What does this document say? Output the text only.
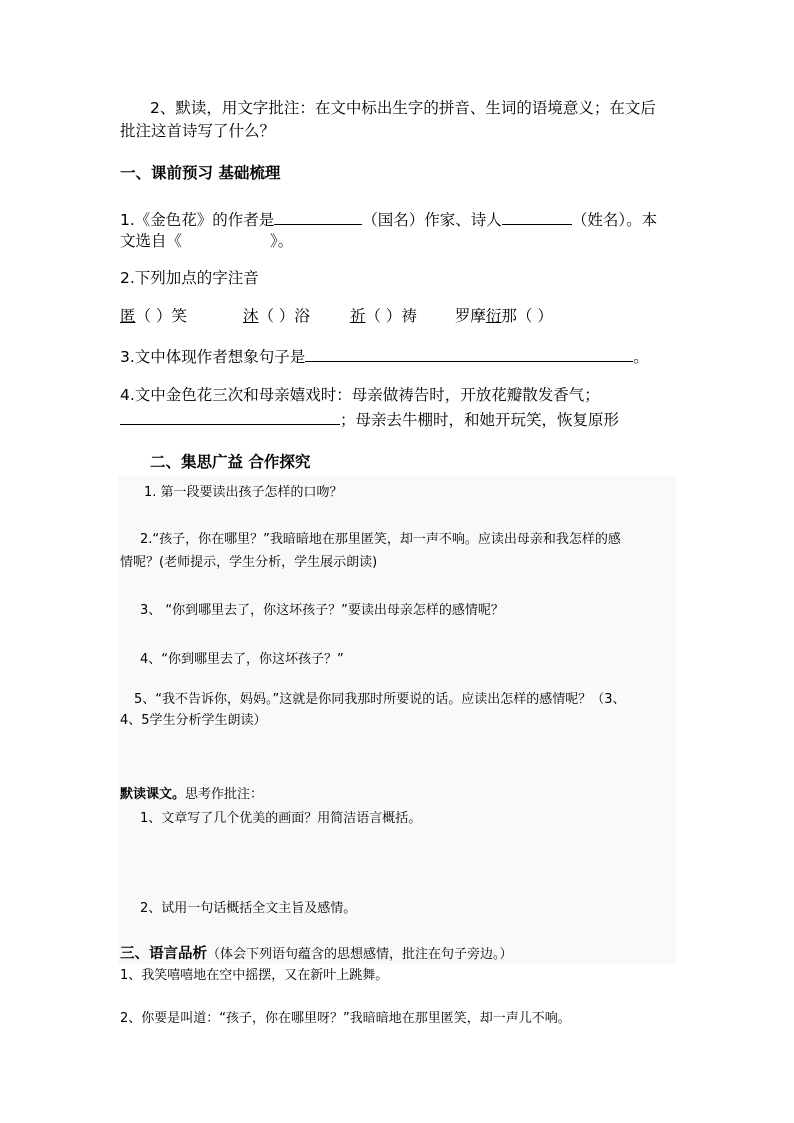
2、默读，用文字批注：在文中标出生字的拼音、生词的语境意义；在文后
批注这首诗写了什么？
一、课前预习 基础梳理
1.《金色花》的作者是	（国名）作家、诗人	（姓名）。本
文选自《	》。
2.下列加点的字注音
匿（ ）笑	沐（ ）浴	祈（ ）祷 罗摩衍那（ ）
3.文中体现作者想象句子是	。
4.文中金色花三次和母亲嬉戏时：母亲做祷告时，开放花瓣散发香气；
；母亲去牛棚时，和她开玩笑，恢复原形
二、集思广益 合作探究
1. 第一段要读出孩子怎样的口吻？
2.“孩子，你在哪里？”我暗暗地在那里匿笑，却一声不响。应读出母亲和我怎样的感
情呢？(老师提示，学生分析，学生展示朗读)
3、 “你到哪里去了，你这坏孩子？”要读出母亲怎样的感情呢？
4、“你到哪里去了，你这坏孩子？”
5、“我不告诉你，妈妈。”这就是你同我那时所要说的话。应读出怎样的感情呢？（3、
4、5学生分析学生朗读）
默读课文。思考作批注：
1、文章写了几个优美的画面？用简洁语言概括。
2、试用一句话概括全文主旨及感情。
三、语言品析（体会下列语句蕴含的思想感情，批注在句子旁边。）
1、我笑嘻嘻地在空中摇摆，又在新叶上跳舞。
2、你要是叫道：“孩子，你在哪里呀？”我暗暗地在那里匿笑，却一声儿不响。
